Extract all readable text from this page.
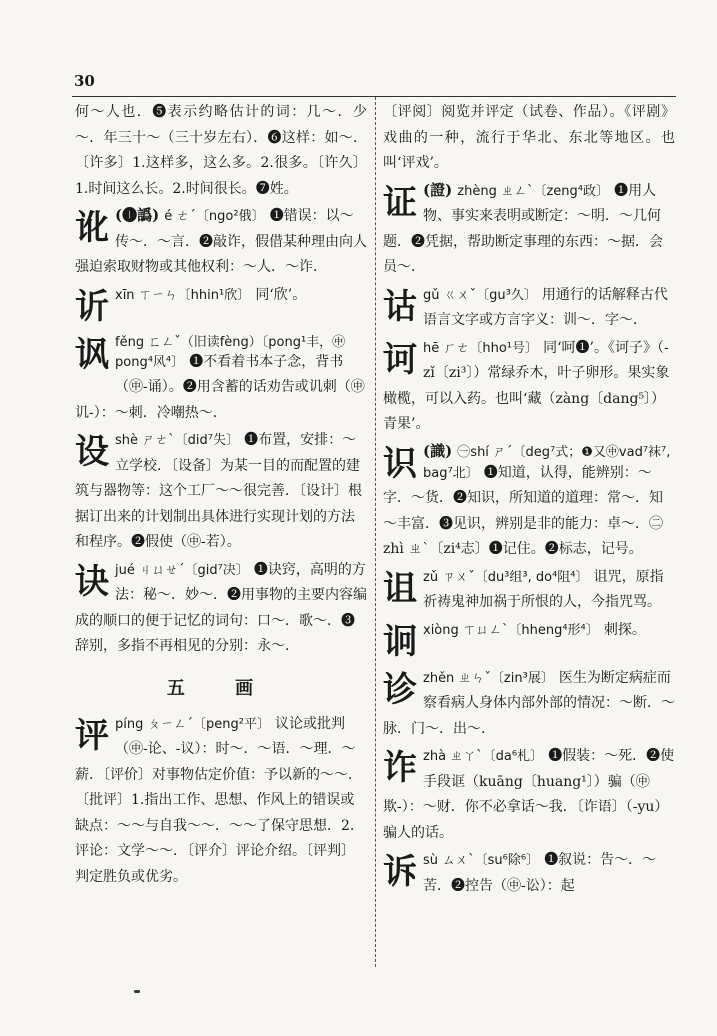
30

何～人也．❺表示约略估计的词：几～．少～．年三十～（三十岁左右）．❻这样：如～．〔许多〕1.这样多，这么多。2.很多。〔许久〕1.时间这么长。2.时间很长。❼姓。

讹 (❶譌) é ㄜˊ〔ngo²俄〕 ❶错误：以～传～．～言．❷敲诈，假借某种理由向人强迫索取财物或其他权利：～人．～诈．
䜣 xīn ㄒㄧㄣ〔hhin¹欣〕 同‘欣’。
讽 fěng ㄈㄥˇ（旧读fèng）〔pong¹丰，㊥pong⁴风⁴〕 ❶不看着书本子念，背书（㊥-诵）。❷用含蓄的话劝告或讥刺（㊥讥-）：～刺．冷嘲热～．
设 shè ㄕㄜˋ〔did⁷失〕 ❶布置，安排：～立学校．〔设备〕为某一目的而配置的建筑与器物等：这个工厂～～很完善．〔设计〕根据订出来的计划制出具体进行实现计划的方法和程序。❷假使（㊥-若）。
诀 jué ㄐㄩㄝˊ〔gid⁷决〕 ❶诀窍，高明的方法：秘～．妙～．❷用事物的主要内容编成的顺口的便于记忆的词句：口～．歌～．❸辞别，多指不再相见的分别：永～．
五 画
评 píng ㄆㄧㄥˊ〔peng²平〕 议论或批判（㊥-论、-议）：时～．～语．～理．～薪．〔评价〕对事物估定价值：予以新的～～．〔批评〕1.指出工作、思想、作风上的错误或缺点：～～与自我～～．～～了保守思想．2.评论：文学～～．〔评介〕评论介绍。〔评判〕判定胜负或优劣。

〔评阅〕阅览并评定（试卷、作品）。《评剧》戏曲的一种，流行于华北、东北等地区。也叫‘评戏’。

证 (證) zhèng ㄓㄥˋ〔zeng⁴政〕 ❶用人物、事实来表明或断定：～明．～几何题．❷凭据，帮助断定事理的东西：～据．会员～．
诂 gǔ ㄍㄨˇ〔gu³久〕 用通行的话解释古代语言文字或方言字义：训～．字～．
诃 hē ㄏㄜ〔hho¹号〕 同‘呵❶’。《诃子》（-zǐ〔zi³〕）常绿乔木，叶子卵形。果实象橄榄，可以入药。也叫‘藏（zàng〔dang⁵〕）青果’。
识 (識) ㊀shí ㄕˊ〔deg⁷式；❶又㊥vad⁷袜⁷, bag⁷北〕 ❶知道，认得，能辨别：～字．～货．❷知识，所知道的道理：常～．知～丰富．❸见识，辨别是非的能力：卓～．㊁zhì ㄓˋ〔zi⁴志〕❶记住。❷标志，记号。
诅 zǔ ㄗㄨˇ〔du³组³, do⁴阻⁴〕 诅咒，原指祈祷鬼神加祸于所恨的人，今指咒骂。
诇 xiòng ㄒㄩㄥˋ〔hheng⁴形⁴〕 刺探。
诊 zhěn ㄓㄣˇ〔zin³展〕 医生为断定病症而察看病人身体内部外部的情况：～断．～脉．门～．出～．
诈 zhà ㄓㄚˋ〔da⁶札〕 ❶假装：～死．❷使手段诓（kuāng〔huang¹〕）骗（㊥欺-）：～财．你不必拿话～我．〔诈语〕（-yu）骗人的话。
诉 sù ㄙㄨˋ〔su⁶除⁶〕 ❶叙说：告～．～苦．❷控告（㊥-讼）：起
